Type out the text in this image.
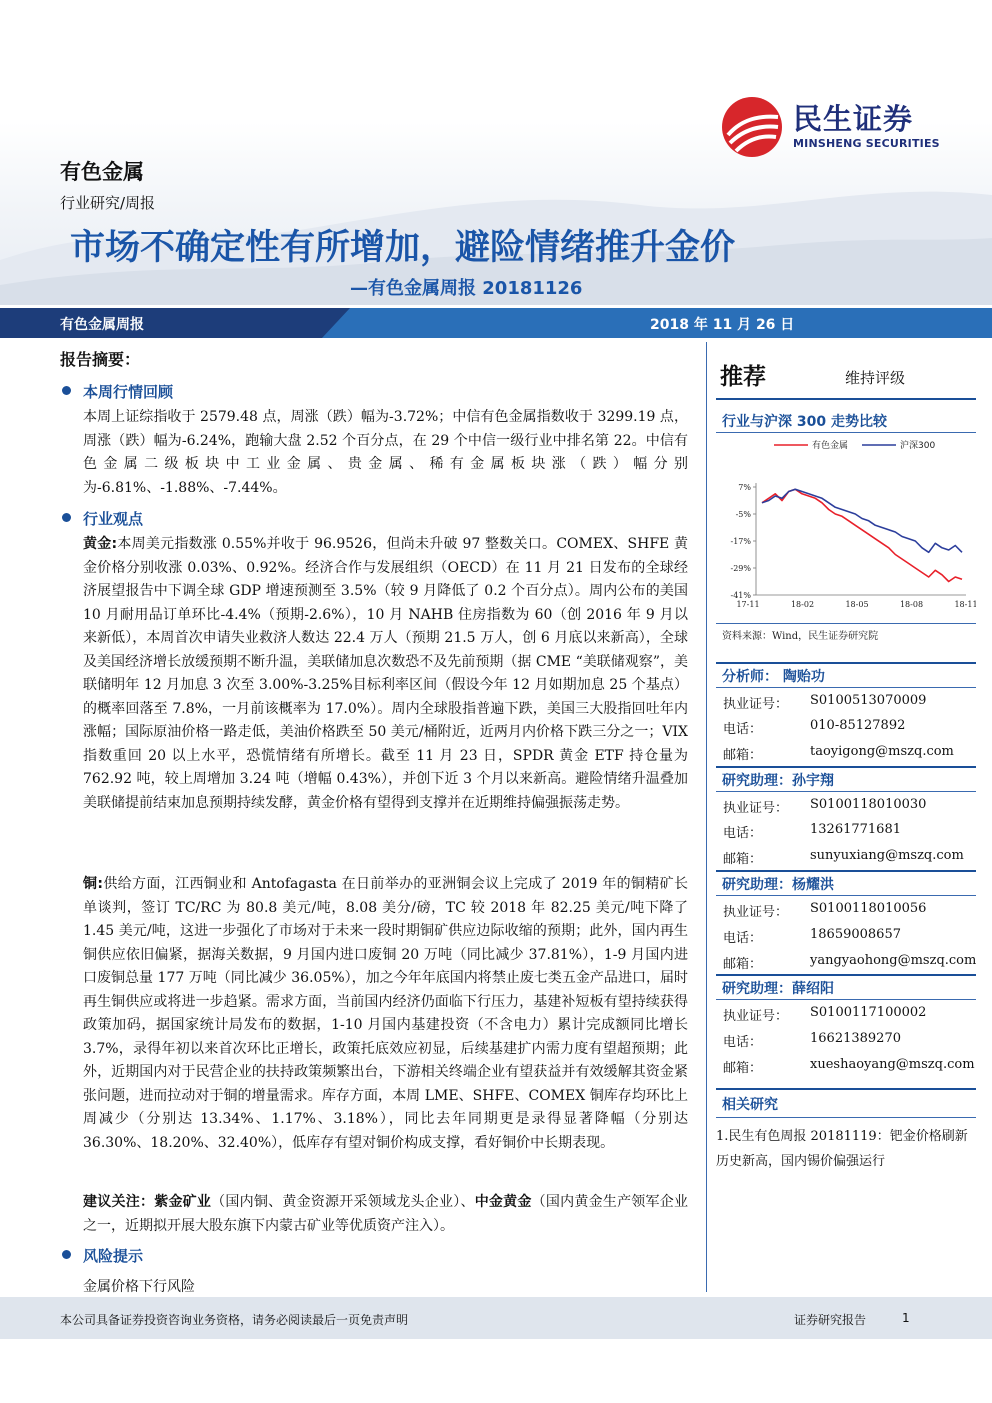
民生证券
MINSHENG SECURITIES
有色金属
行业研究/周报
市场不确定性有所增加，避险情绪推升金价
—有色金属周报 20181126
有色金属周报	2018 年 11 月 26 日
报告摘要：
本周行情回顾
本周上证综指收于 2579.48 点，周涨（跌）幅为-3.72%；中信有色金属指数收于 3299.19 点，周涨（跌）幅为-6.24%，跑输大盘 2.52 个百分点，在 29 个中信一级行业中排名第 22。中信有色金属二级板块中工业金属、贵金属、稀有金属板块涨（跌）幅分别为-6.81%、-1.88%、-7.44%。
行业观点
黄金:本周美元指数涨 0.55%并收于 96.9526，但尚未升破 97 整数关口。COMEX、SHFE 黄金价格分别收涨 0.03%、0.92%。经济合作与发展组织（OECD）在 11 月 21 日发布的全球经济展望报告中下调全球 GDP 增速预测至 3.5%（较 9 月降低了 0.2 个百分点）。周内公布的美国 10 月耐用品订单环比-4.4%（预期-2.6%），10 月 NAHB 住房指数为 60（创 2016 年 9 月以来新低），本周首次申请失业救济人数达 22.4 万人（预期 21.5 万人，创 6 月底以来新高），全球及美国经济增长放缓预期不断升温，美联储加息次数恐不及先前预期（据 CME “美联储观察”，美联储明年 12 月加息 3 次至 3.00%-3.25%目标利率区间（假设今年 12 月如期加息 25 个基点）的概率回落至 7.8%，一月前该概率为 17.0%）。周内全球股指普遍下跌，美国三大股指回吐年内涨幅；国际原油价格一路走低，美油价格跌至 50 美元/桶附近，近两月内价格下跌三分之一；VIX 指数重回 20 以上水平，恐慌情绪有所增长。截至 11 月 23 日，SPDR 黄金 ETF 持仓量为 762.92 吨，较上周增加 3.24 吨（增幅 0.43%），并创下近 3 个月以来新高。避险情绪升温叠加美联储提前结束加息预期持续发酵，黄金价格有望得到支撑并在近期维持偏强振荡走势。
铜:供给方面，江西铜业和 Antofagasta 在日前举办的亚洲铜会议上完成了 2019 年的铜精矿长单谈判，签订 TC/RC 为 80.8 美元/吨，8.08 美分/磅，TC 较 2018 年 82.25 美元/吨下降了 1.45 美元/吨，这进一步强化了市场对于未来一段时期铜矿供应边际收缩的预期；此外，国内再生铜供应依旧偏紧，据海关数据，9 月国内进口废铜 20 万吨（同比减少 37.81%），1-9 月国内进口废铜总量 177 万吨（同比减少 36.05%），加之今年年底国内将禁止废七类五金产品进口，届时再生铜供应或将进一步趋紧。需求方面，当前国内经济仍面临下行压力，基建补短板有望持续获得政策加码，据国家统计局发布的数据，1-10 月国内基建投资（不含电力）累计完成额同比增长 3.7%，录得年初以来首次环比正增长，政策托底效应初显，后续基建扩内需力度有望超预期；此外，近期国内对于民营企业的扶持政策频繁出台，下游相关终端企业有望获益并有效缓解其资金紧张问题，进而拉动对于铜的增量需求。库存方面，本周 LME、SHFE、COMEX 铜库存均环比上周减少（分别达 13.34%、1.17%、3.18%），同比去年同期更是录得显著降幅（分别达 36.30%、18.20%、32.40%），低库存有望对铜价构成支撑，看好铜价中长期表现。
建议关注：紫金矿业（国内铜、黄金资源开采领域龙头企业）、中金黄金（国内黄金生产领军企业之一，近期拟开展大股东旗下内蒙古矿业等优质资产注入）。
风险提示
金属价格下行风险
推荐	维持评级
行业与沪深 300 走势比较
有色金属	沪深300
7%
-5%
-17%
-29%
-41%
17-11	18-02	18-05	18-08	18-11
资料来源：Wind，民生证券研究院
分析师： 陶贻功
执业证号： S0100513070009
电话：	010-85127892
邮箱：	taoyigong@mszq.com
研究助理：孙宇翔
执业证号： S0100118010030
电话：	13261771681
邮箱：	sunyuxiang@mszq.com
研究助理：杨耀洪
执业证号： S0100118010056
电话：	18659008657
邮箱：	yangyaohong@mszq.com
研究助理：薛绍阳
执业证号： S0100117100002
电话：	16621389270
邮箱：	xueshaoyang@mszq.com
相关研究
1.民生有色周报 20181119：钯金价格刷新历史新高，国内锡价偏强运行
本公司具备证券投资咨询业务资格，请务必阅读最后一页免责声明	证券研究报告	1
